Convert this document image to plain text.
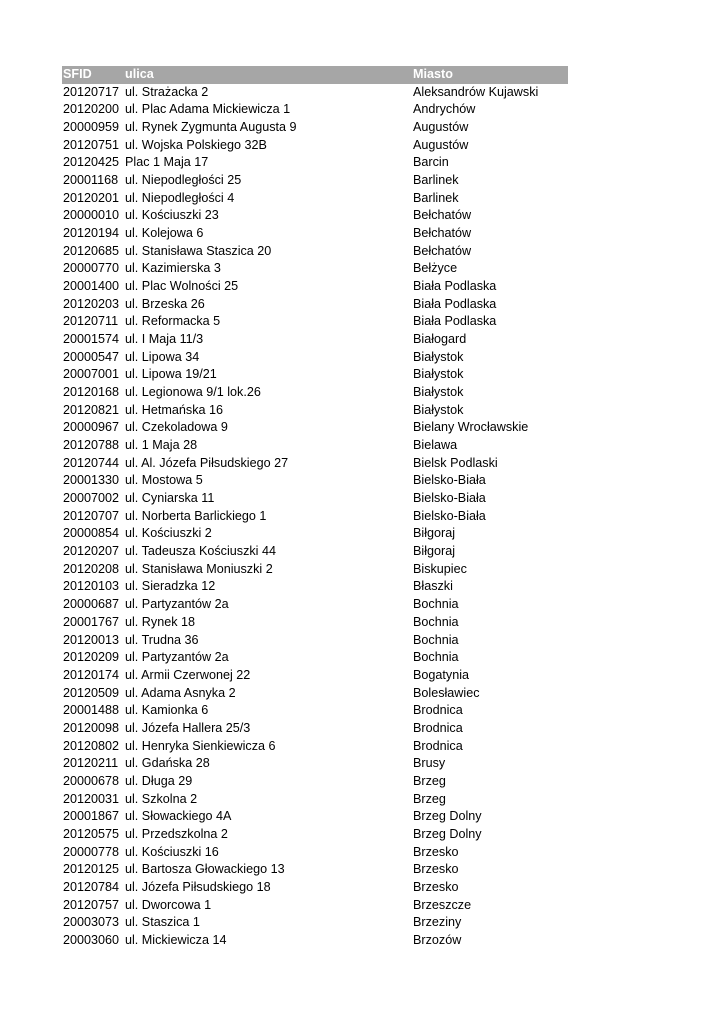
SFID	ulica	Miasto
20120717 ul. Strażacka 2	Aleksandrów Kujawski
20120200 ul. Plac Adama Mickiewicza 1	Andrychów
20000959 ul. Rynek Zygmunta Augusta 9	Augustów
20120751 ul. Wojska Polskiego 32B	Augustów
20120425 Plac 1 Maja 17	Barcin
20001168 ul. Niepodległości 25	Barlinek
20120201 ul. Niepodległości 4	Barlinek
20000010 ul. Kościuszki 23	Bełchatów
20120194 ul. Kolejowa 6	Bełchatów
20120685 ul. Stanisława Staszica 20	Bełchatów
20000770 ul. Kazimierska 3	Bełżyce
20001400 ul. Plac Wolności 25	Biała Podlaska
20120203 ul. Brzeska 26	Biała Podlaska
20120711 ul. Reformacka 5	Biała Podlaska
20001574 ul. I Maja 11/3	Białogard
20000547 ul. Lipowa 34	Białystok
20007001 ul. Lipowa 19/21	Białystok
20120168 ul. Legionowa 9/1 lok.26	Białystok
20120821 ul. Hetmańska 16	Białystok
20000967 ul. Czekoladowa 9	Bielany Wrocławskie
20120788 ul. 1 Maja 28	Bielawa
20120744 ul. Al. Józefa Piłsudskiego 27	Bielsk Podlaski
20001330 ul. Mostowa 5	Bielsko-Biała
20007002 ul. Cyniarska 11	Bielsko-Biała
20120707 ul. Norberta Barlickiego 1	Bielsko-Biała
20000854 ul. Kościuszki 2	Biłgoraj
20120207 ul. Tadeusza Kościuszki 44	Biłgoraj
20120208 ul. Stanisława Moniuszki 2	Biskupiec
20120103 ul. Sieradzka 12	Błaszki
20000687 ul. Partyzantów 2a	Bochnia
20001767 ul. Rynek 18	Bochnia
20120013 ul. Trudna 36	Bochnia
20120209 ul. Partyzantów 2a	Bochnia
20120174 ul. Armii Czerwonej 22	Bogatynia
20120509 ul. Adama Asnyka 2	Bolesławiec
20001488 ul. Kamionka 6	Brodnica
20120098 ul. Józefa Hallera 25/3	Brodnica
20120802 ul. Henryka Sienkiewicza 6	Brodnica
20120211 ul. Gdańska 28	Brusy
20000678 ul. Długa 29	Brzeg
20120031 ul. Szkolna 2	Brzeg
20001867 ul. Słowackiego 4A	Brzeg Dolny
20120575 ul. Przedszkolna 2	Brzeg Dolny
20000778 ul. Kościuszki 16	Brzesko
20120125 ul. Bartosza Głowackiego 13	Brzesko
20120784 ul. Józefa Piłsudskiego 18	Brzesko
20120757 ul. Dworcowa 1	Brzeszcze
20003073 ul. Staszica 1	Brzeziny
20003060 ul. Mickiewicza 14	Brzozów
